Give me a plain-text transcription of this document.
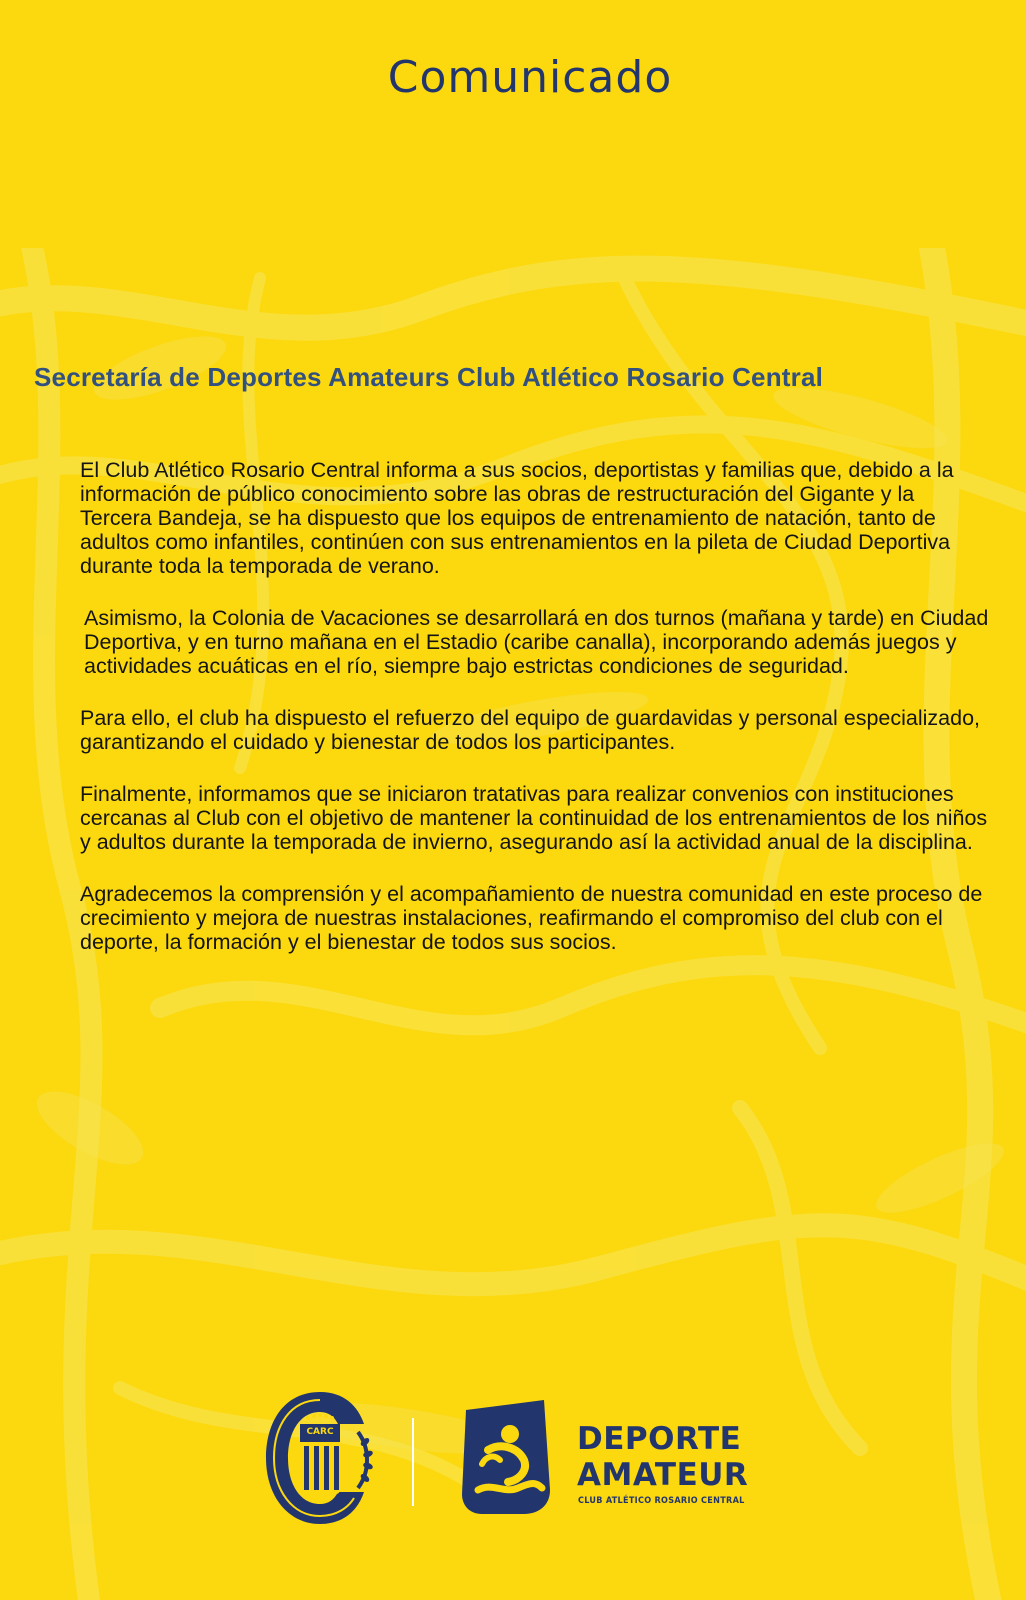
Comunicado
Secretaría de Deportes Amateurs Club Atlético Rosario Central

El Club Atlético Rosario Central informa a sus socios, deportistas y familias que, debido a la información de público conocimiento sobre las obras de restructuración del Gigante y la Tercera Bandeja, se ha dispuesto que los equipos de entrenamiento de natación, tanto de adultos como infantiles, continúen con sus entrenamientos en la pileta de Ciudad Deportiva durante toda la temporada de verano.

Asimismo, la Colonia de Vacaciones se desarrollará en dos turnos (mañana y tarde) en Ciudad Deportiva, y en turno mañana en el Estadio (caribe canalla), incorporando además juegos y actividades acuáticas en el río, siempre bajo estrictas condiciones de seguridad.

Para ello, el club ha dispuesto el refuerzo del equipo de guardavidas y personal especializado, garantizando el cuidado y bienestar de todos los participantes.

Finalmente, informamos que se iniciaron tratativas para realizar convenios con instituciones cercanas al Club con el objetivo de mantener la continuidad de los entrenamientos de los niños y adultos durante la temporada de invierno, asegurando así la actividad anual de la disciplina.

Agradecemos la comprensión y el acompañamiento de nuestra comunidad en este proceso de crecimiento y mejora de nuestras instalaciones, reafirmando el compromiso del club con el deporte, la formación y el bienestar de todos sus socios.

CARC	DEPORTE

AMATEUR

CLUB ATLÉTICO ROSARIO CENTRAL
